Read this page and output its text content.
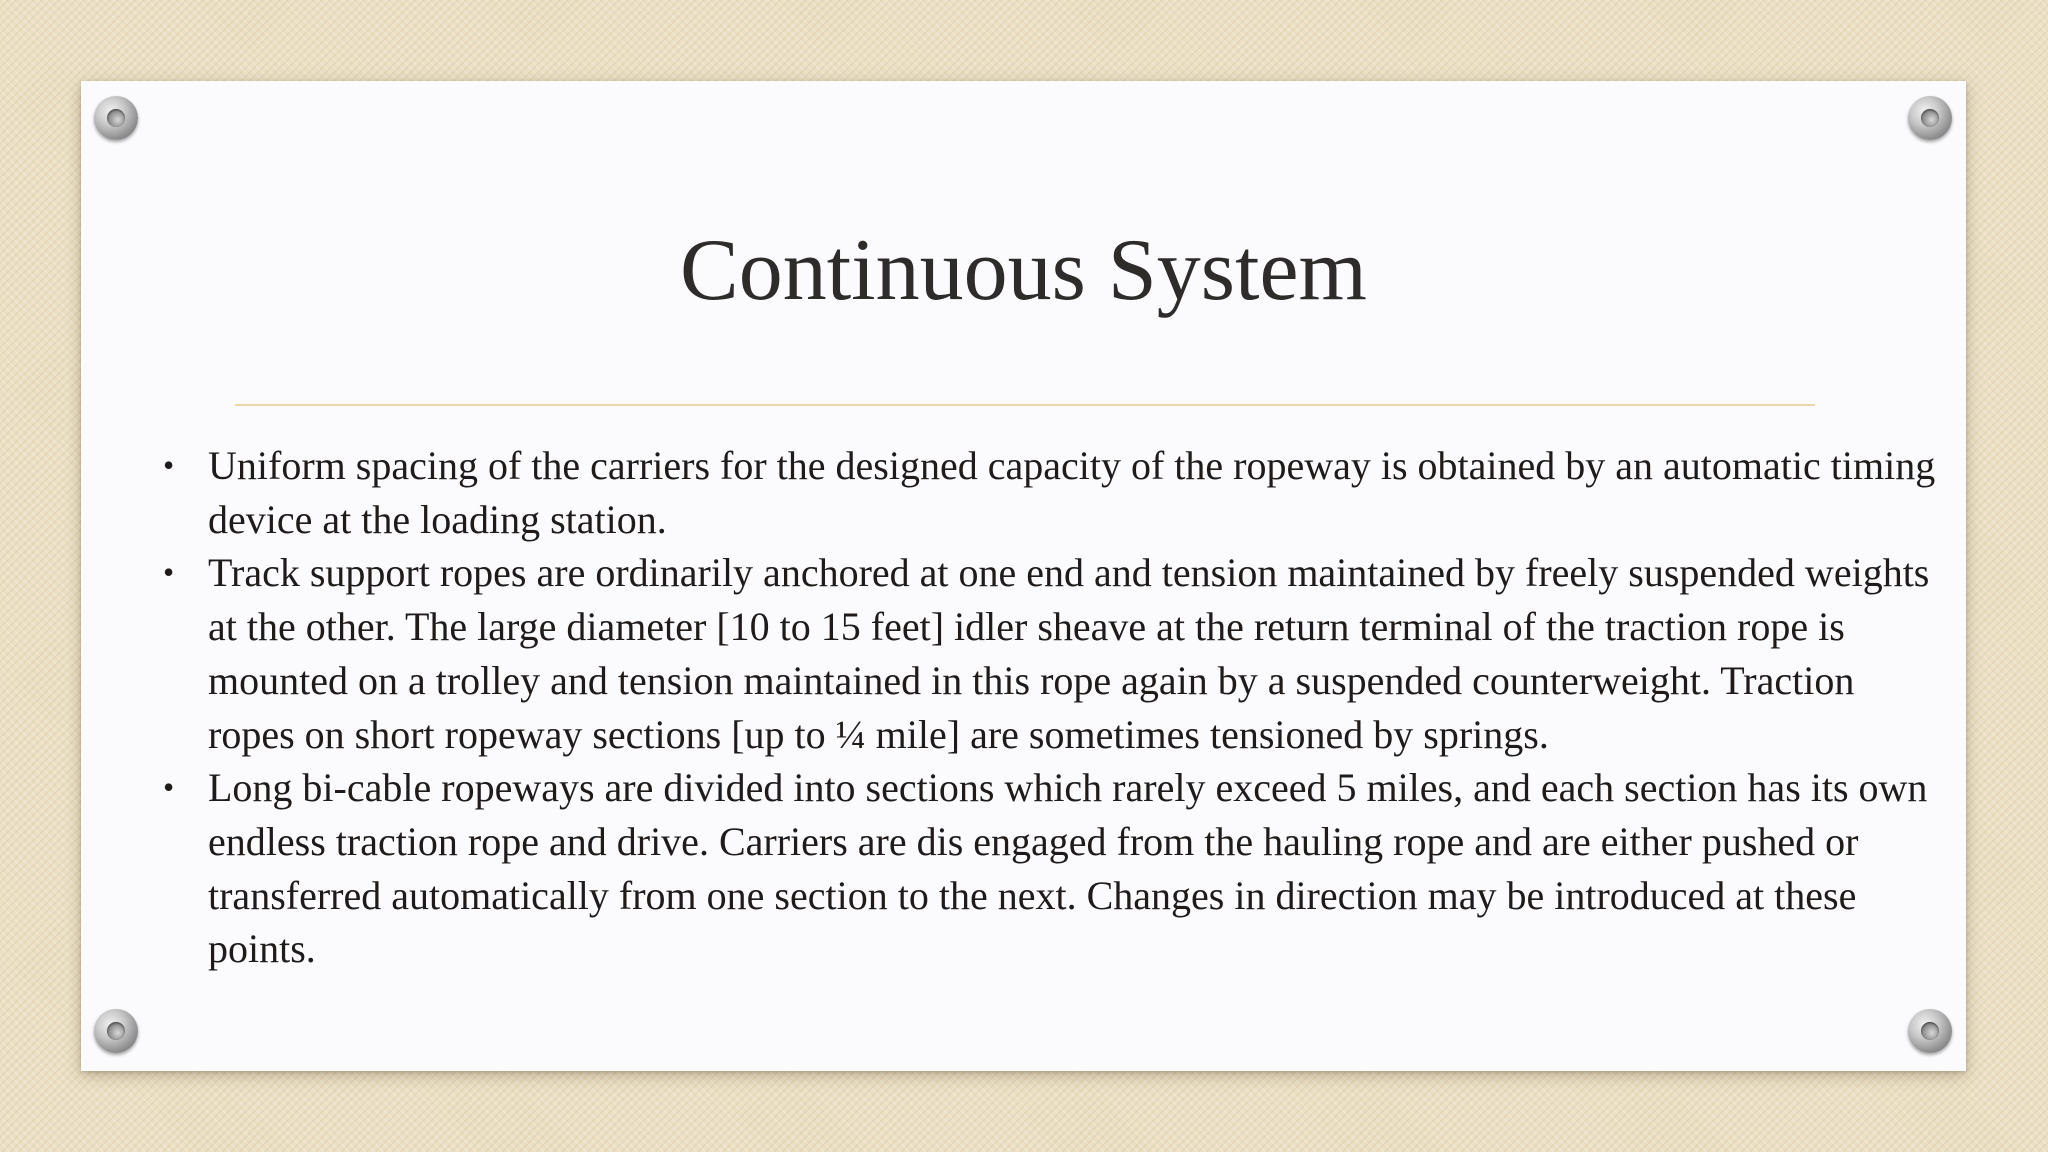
Continuous System
• Uniform spacing of the carriers for the designed capacity of the ropeway is obtained by an automatic timing device at the loading station.
• Track support ropes are ordinarily anchored at one end and tension maintained by freely suspended weights at the other. The large diameter [10 to 15 feet] idler sheave at the return terminal of the traction rope is mounted on a trolley and tension maintained in this rope again by a suspended counterweight. Traction ropes on short ropeway sections [up to ¼ mile] are sometimes tensioned by springs.
• Long bi-cable ropeways are divided into sections which rarely exceed 5 miles, and each section has its own endless traction rope and drive. Carriers are dis engaged from the hauling rope and are either pushed or transferred automatically from one section to the next. Changes in direction may be introduced at these points.
